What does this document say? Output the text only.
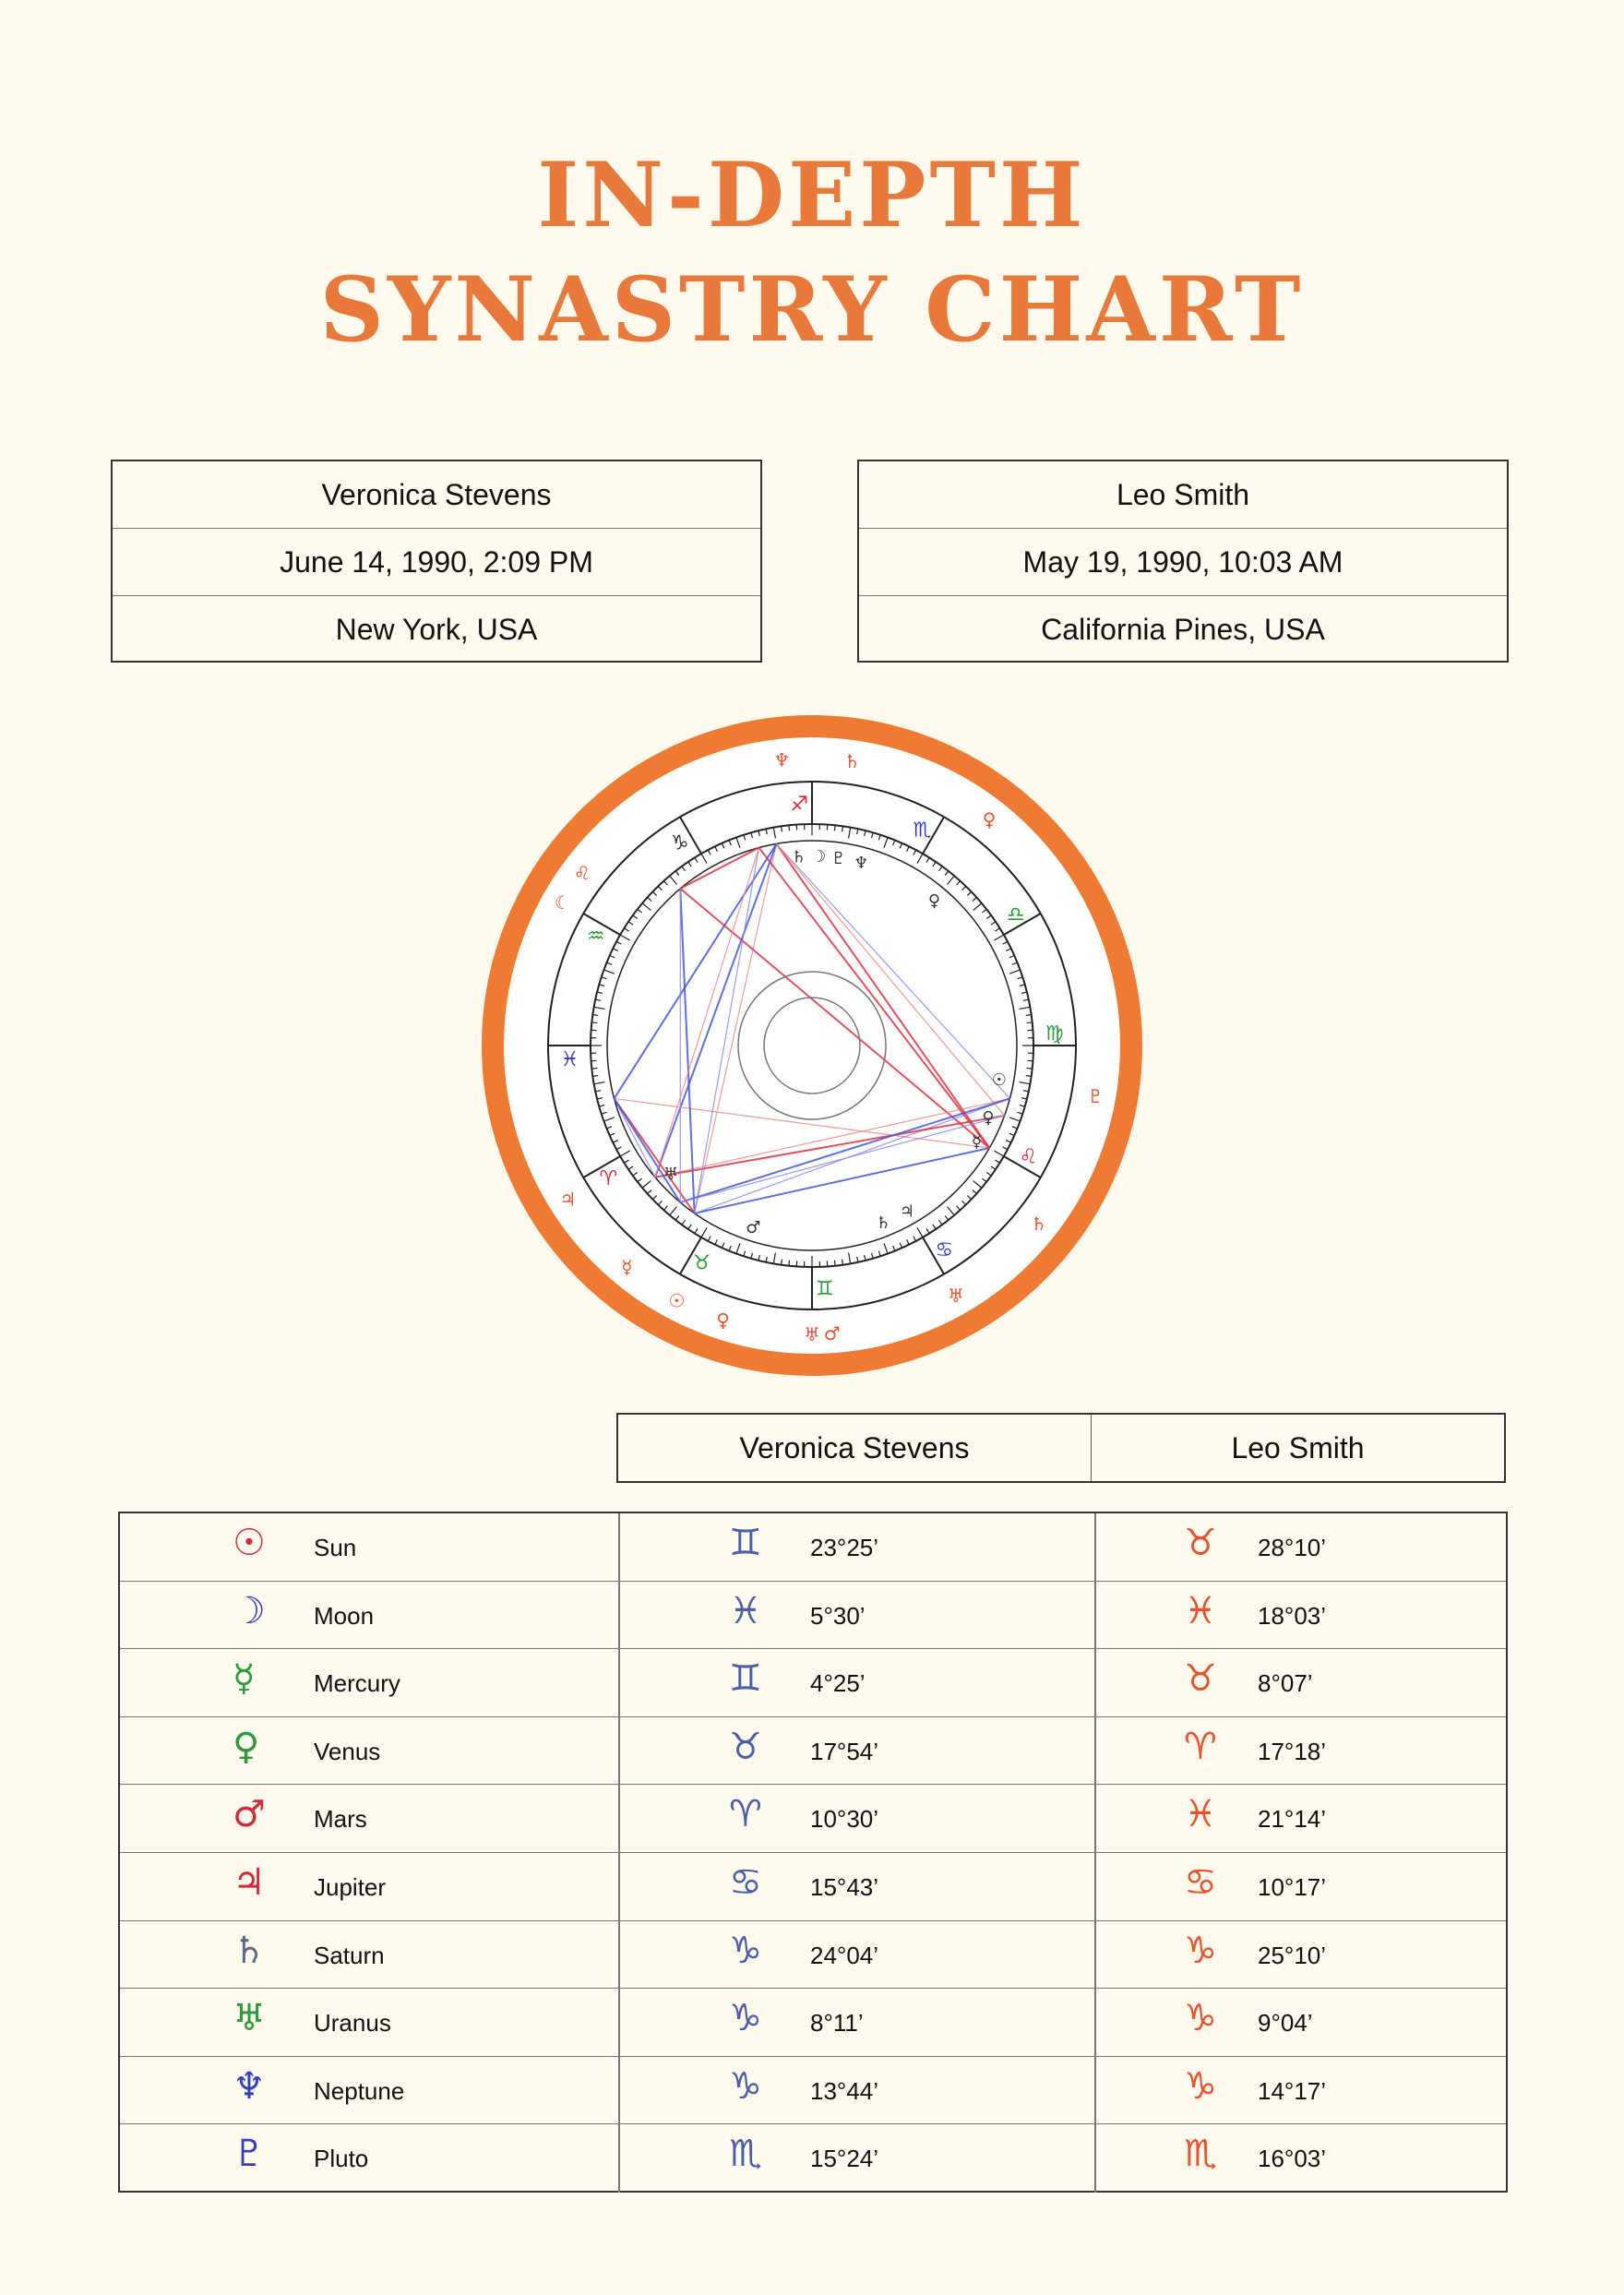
IN-DEPTH
SYNASTRY CHART
Veronica Stevens
June 14, 1990, 2:09 PM
New York, USA
Leo Smith
May 19, 1990, 10:03 AM
California Pines, USA
♈
♉
♊
♋
♌
♍
♎
♏
♐
♑
♒
♓
♆	♄
♀
☾
♌
♇
♅
♀
☉
☿
♃
♂
♅
♄
♄ ☽ ♇ ♆
♀
☉
♀
☿
♃
♄
♂
♅
Veronica Stevens	Leo Smith
☉ Sun	♊ 23°25’	♉ 28°10’
☽ Moon	♓ 5°30’	♓ 18°03’
☿ Mercury	♊ 4°25’	♉ 8°07’
♀ Venus	♉ 17°54’	♈ 17°18’
♂ Mars	♈ 10°30’	♓ 21°14’
♃ Jupiter	♋ 15°43’	♋ 10°17’
♄ Saturn	♑ 24°04’	♑ 25°10’
♅ Uranus	♑ 8°11’	♑ 9°04’
♆ Neptune	♑ 13°44’	♑ 14°17’
♇ Pluto	♏ 15°24’	♏ 16°03’
